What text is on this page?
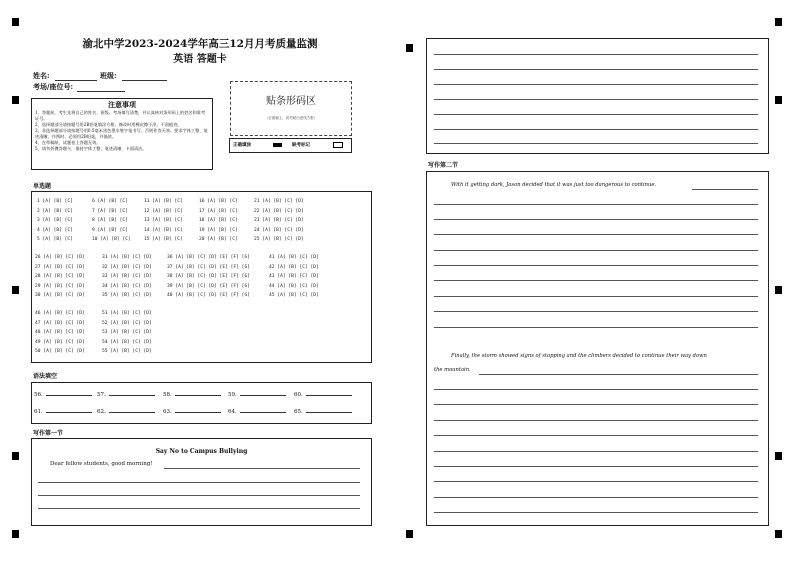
渝北中学2023-2024学年高三12月月考质量监测
英语 答题卡
姓名:	班级:
考场/座位号:
注意事项
1、答题前，考生先将自己的姓名、班级、考场填写清楚，并认真核对条形码上的姓名和准考证号。
2、选择题部分请按题号用2B铅笔填涂方框，修改时用橡皮擦干净，不留痕迹。
3、非选择题部分请按题号用0.5毫米黑色墨水签字笔书写，否则作答无效。要求字体工整、笔迹清晰。作图时，必须用2B铅笔，并描浓。
4、在草稿纸、试题卷上答题无效。
5、请勿折叠答题卡，保持字体工整、笔迹清晰、卡面清洁。
贴条形码区
（正面朝上，切勿贴出虚线方框）
正确填涂	缺考标记
单选题
1 [A] [B] [C]	6 [A] [B] [C]	11 [A] [B] [C]	16 [A] [B] [C]	21 [A] [B] [C] [D]
2 [A] [B] [C]	7 [A] [B] [C]	12 [A] [B] [C]	17 [A] [B] [C]	22 [A] [B] [C] [D]
3 [A] [B] [C]	8 [A] [B] [C]	13 [A] [B] [C]	18 [A] [B] [C]	23 [A] [B] [C] [D]
4 [A] [B] [C]	9 [A] [B] [C]	14 [A] [B] [C]	19 [A] [B] [C]	24 [A] [B] [C] [D]
5 [A] [B] [C]	10 [A] [B] [C]	15 [A] [B] [C]	20 [A] [B] [C]	25 [A] [B] [C] [D]
26 [A] [B] [C] [D]	31 [A] [B] [C] [D]	36 [A] [B] [C] [D] [E] [F] [G]	41 [A] [B] [C] [D]
27 [A] [B] [C] [D]	32 [A] [B] [C] [D]	37 [A] [B] [C] [D] [E] [F] [G]	42 [A] [B] [C] [D]
28 [A] [B] [C] [D]	33 [A] [B] [C] [D]	38 [A] [B] [C] [D] [E] [F] [G]	43 [A] [B] [C] [D]
29 [A] [B] [C] [D]	34 [A] [B] [C] [D]	39 [A] [B] [C] [D] [E] [F] [G]	44 [A] [B] [C] [D]
30 [A] [B] [C] [D]	35 [A] [B] [C] [D]	40 [A] [B] [C] [D] [E] [F] [G]	45 [A] [B] [C] [D]
46 [A] [B] [C] [D]	51 [A] [B] [C] [D]
47 [A] [B] [C] [D]	52 [A] [B] [C] [D]
48 [A] [B] [C] [D]	53 [A] [B] [C] [D]
49 [A] [B] [C] [D]	54 [A] [B] [C] [D]
50 [A] [B] [C] [D]	55 [A] [B] [C] [D]
语法填空
56.	57.	58.	59.	60.
61.	62.	63.	64.	65.
写作第一节
Say No to Campus Bullying
Dear fellow students, good morning!
写作第二节
With it getting dark, Jason decided that it was just too dangerous to continue.
Finally, the storm showed signs of stopping and the climbers decided to continue their way down
the mountain.
